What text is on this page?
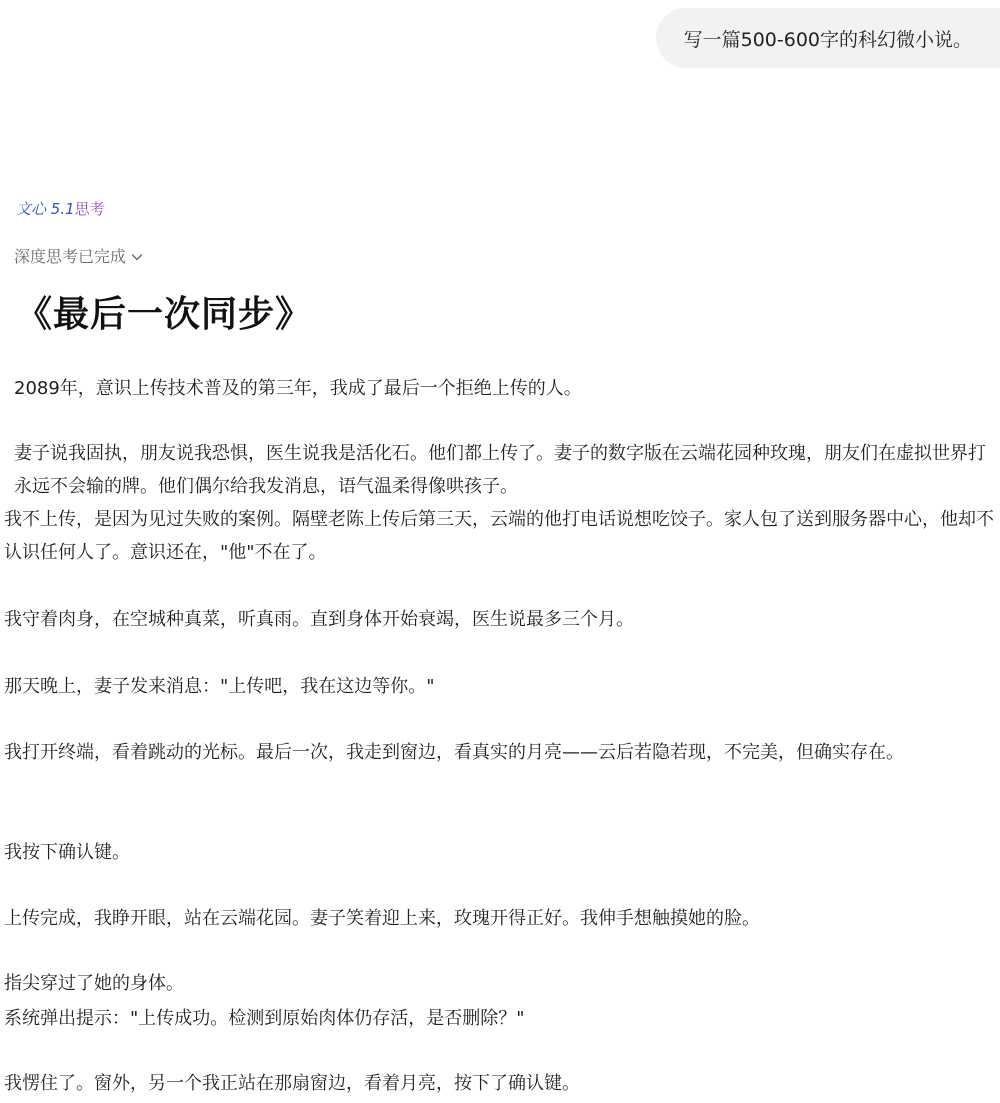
写一篇500-600字的科幻微小说。
文心 5.1思考
深度思考已完成
《最后一次同步》

2089年，意识上传技术普及的第三年，我成了最后一个拒绝上传的人。

妻子说我固执，朋友说我恐惧，医生说我是活化石。他们都上传了。妻子的数字版在云端花园种玫瑰，朋友们在虚拟世界打永远不会输的牌。他们偶尔给我发消息，语气温柔得像哄孩子。

我不上传，是因为见过失败的案例。隔壁老陈上传后第三天，云端的他打电话说想吃饺子。家人包了送到服务器中心，他却不认识任何人了。意识还在，"他"不在了。

我守着肉身，在空城种真菜，听真雨。直到身体开始衰竭，医生说最多三个月。

那天晚上，妻子发来消息："上传吧，我在这边等你。"

我打开终端，看着跳动的光标。最后一次，我走到窗边，看真实的月亮——云后若隐若现，不完美，但确实存在。

我按下确认键。

上传完成，我睁开眼，站在云端花园。妻子笑着迎上来，玫瑰开得正好。我伸手想触摸她的脸。

指尖穿过了她的身体。

系统弹出提示："上传成功。检测到原始肉体仍存活，是否删除？"

我愣住了。窗外，另一个我正站在那扇窗边，看着月亮，按下了确认键。
